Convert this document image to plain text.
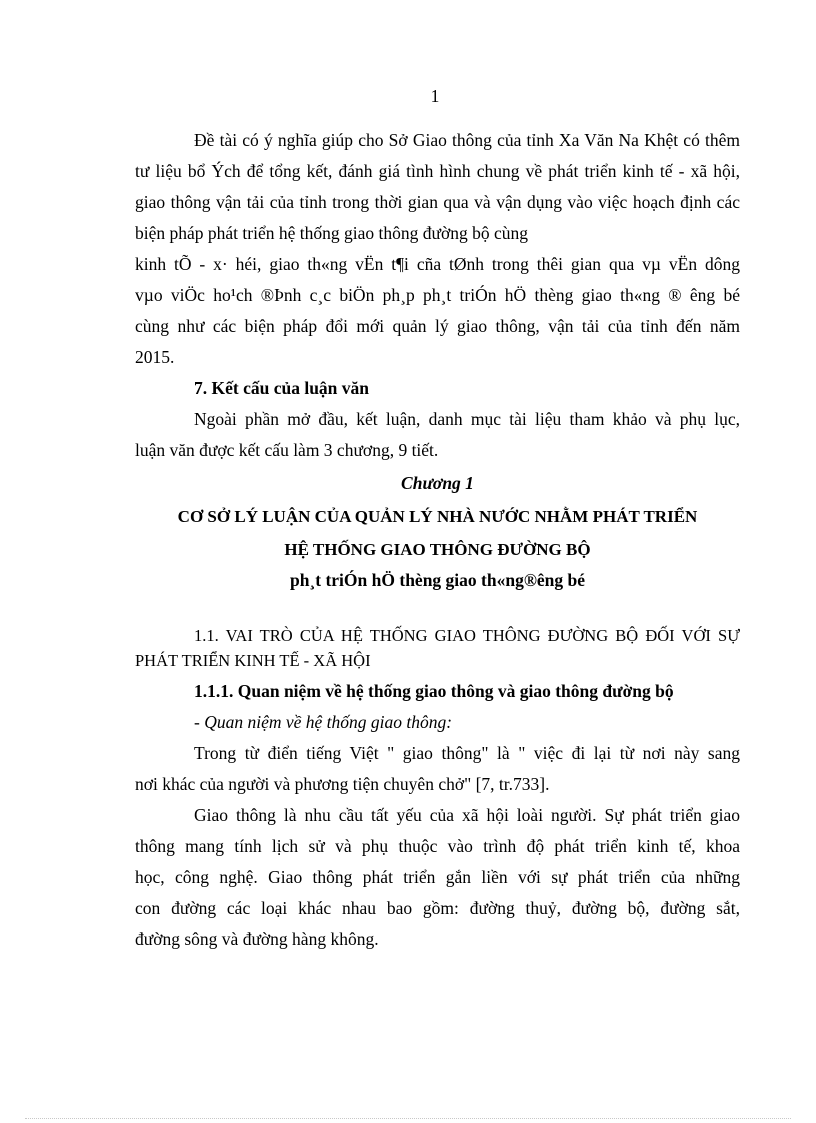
1

Đề tài có ý nghĩa giúp cho Sở Giao thông của tỉnh Xa Văn Na Khệt có thêm tư liệu bổ Ých để tổng kết, đánh giá tình hình chung về phát triển kinh tế - xã hội, giao thông vận tải của tỉnh trong thời gian qua và vận dụng vào việc hoạch định các biện pháp phát triển hệ thống giao thông đường bộ cùng

kinh tÕ - x· héi, giao th«ng vËn t¶i cña tØnh trong thêi gian qua vµ vËn dông

vµo viÖc ho¹ch ®Þnh c¸c biÖn ph¸p ph¸t triÓn hÖ thèng giao th«ng ® êng bé

cùng như các biện pháp đổi mới quản lý giao thông, vận tải của tỉnh đến năm

2015.

7. Kết cấu của luận văn

Ngoài phần mở đầu, kết luận, danh mục tài liệu tham khảo và phụ lục,

luận văn được kết cấu làm 3 chương, 9 tiết.

Chương 1

CƠ SỞ LÝ LUẬN CỦA QUẢN LÝ NHÀ NƯỚC NHẰM PHÁT TRIỂN

HỆ THỐNG GIAO THÔNG ĐƯỜNG BỘ

ph¸t triÓn hÖ thèng giao th«ng®êng bé

1.1. VAI TRÒ CỦA HỆ THỐNG GIAO THÔNG ĐƯỜNG BỘ ĐỐI VỚI SỰ

PHÁT TRIỂN KINH TẾ - XÃ HỘI

1.1.1. Quan niệm về hệ thống giao thông và giao thông đường bộ

- Quan niệm về hệ thống giao thông:

Trong từ điển tiếng Việt " giao thông" là " việc đi lại từ nơi này sang

nơi khác của người và phương tiện chuyên chở" [7, tr.733].

Giao thông là nhu cầu tất yếu của xã hội loài người. Sự phát triển giao

thông mang tính lịch sử và phụ thuộc vào trình độ phát triển kinh tế, khoa

học, công nghệ. Giao thông phát triển gắn liền với sự phát triển của những

con đường các loại khác nhau bao gồm: đường thuỷ, đường bộ, đường sắt,

đường sông và đường hàng không.
